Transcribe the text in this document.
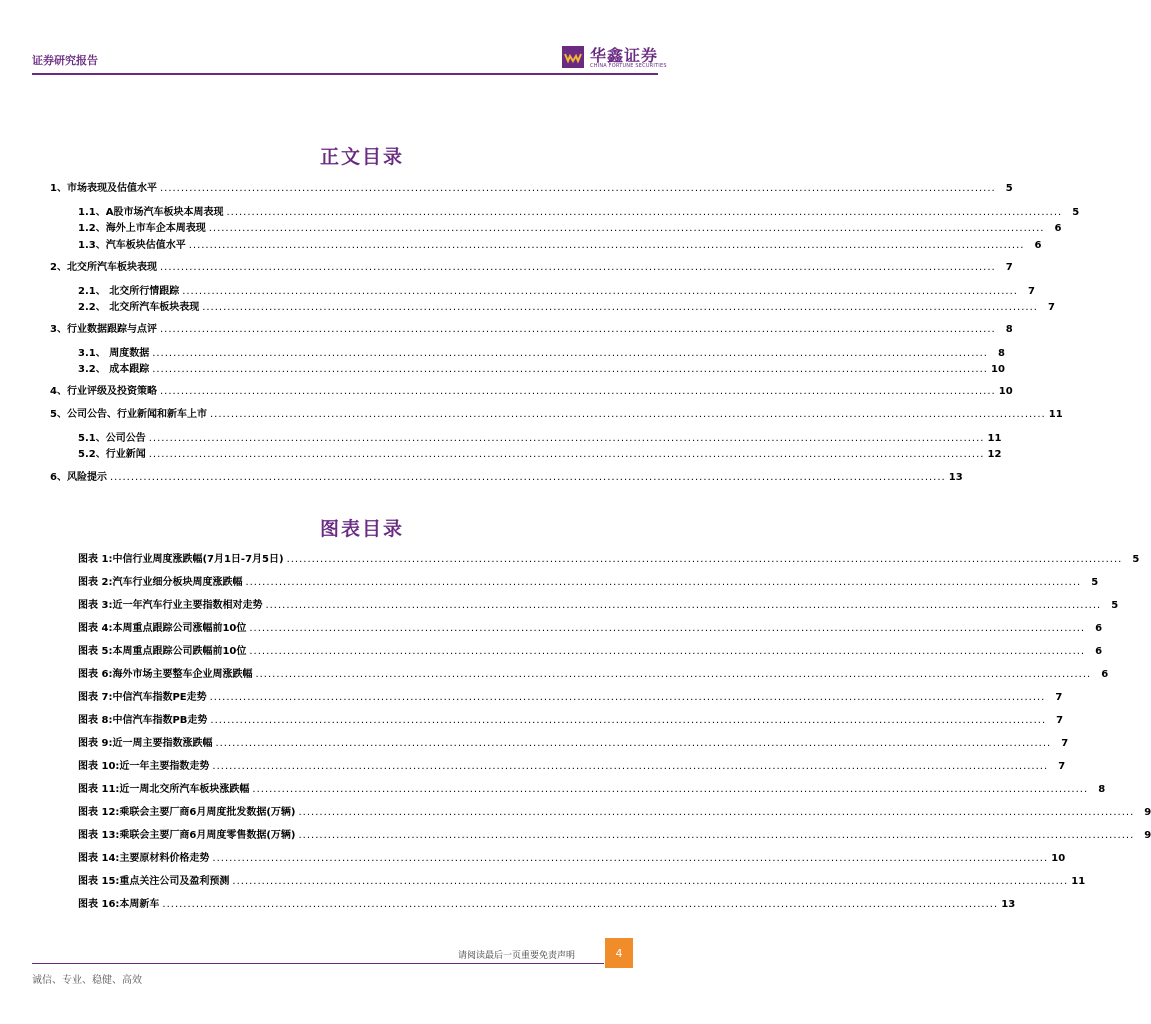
证券研究报告	华鑫证券
CHINA FORTUNE SECURITIES
正文目录
1、 市场表现及估值水平 ........................................................................................................................................................................................................	5
1.1、A股市场汽车板块本周表现 ........................................................................................................................................................................................................	5
1.2、海外上市车企本周表现 ........................................................................................................................................................................................................	6
1.3、汽车板块估值水平 ........................................................................................................................................................................................................	6
2、 北交所汽车板块表现 ........................................................................................................................................................................................................	7
2.1、 北交所行情跟踪 ........................................................................................................................................................................................................	7
2.2、 北交所汽车板块表现 ........................................................................................................................................................................................................	7
3、 行业数据跟踪与点评 ........................................................................................................................................................................................................	8
3.1、 周度数据 ........................................................................................................................................................................................................	8
3.2、 成本跟踪 ........................................................................................................................................................................................................ 10
4、 行业评级及投资策略 ........................................................................................................................................................................................................ 10
5、 公司公告、行业新闻和新车上市 ........................................................................................................................................................................................................ 11
5.1、公司公告 ........................................................................................................................................................................................................ 11
5.2、行业新闻 ........................................................................................................................................................................................................ 12
6、 风险提示 ........................................................................................................................................................................................................ 13
图表目录
图表 1:中信行业周度涨跌幅(7月1日-7月5日) ........................................................................................................................................................................................................	5
图表 2:汽车行业细分板块周度涨跌幅 ........................................................................................................................................................................................................	5
图表 3:近一年汽车行业主要指数相对走势 ........................................................................................................................................................................................................	5
图表 4:本周重点跟踪公司涨幅前10位 ........................................................................................................................................................................................................	6
图表 5:本周重点跟踪公司跌幅前10位 ........................................................................................................................................................................................................	6
图表 6:海外市场主要整车企业周涨跌幅 ........................................................................................................................................................................................................	6
图表 7:中信汽车指数PE走势 ........................................................................................................................................................................................................	7
图表 8:中信汽车指数PB走势 ........................................................................................................................................................................................................	7
图表 9:近一周主要指数涨跌幅 ........................................................................................................................................................................................................	7
图表 10:近一年主要指数走势 ........................................................................................................................................................................................................	7
图表 11:近一周北交所汽车板块涨跌幅 ........................................................................................................................................................................................................	8
图表 12:乘联会主要厂商6月周度批发数据(万辆) ........................................................................................................................................................................................................	9
图表 13:乘联会主要厂商6月周度零售数据(万辆) ........................................................................................................................................................................................................	9
图表 14:主要原材料价格走势 ........................................................................................................................................................................................................ 10
图表 15:重点关注公司及盈利预测 ........................................................................................................................................................................................................ 11
图表 16:本周新车 ........................................................................................................................................................................................................ 13
请阅读最后一页重要免责声明	4
诚信、专业、稳健、高效
